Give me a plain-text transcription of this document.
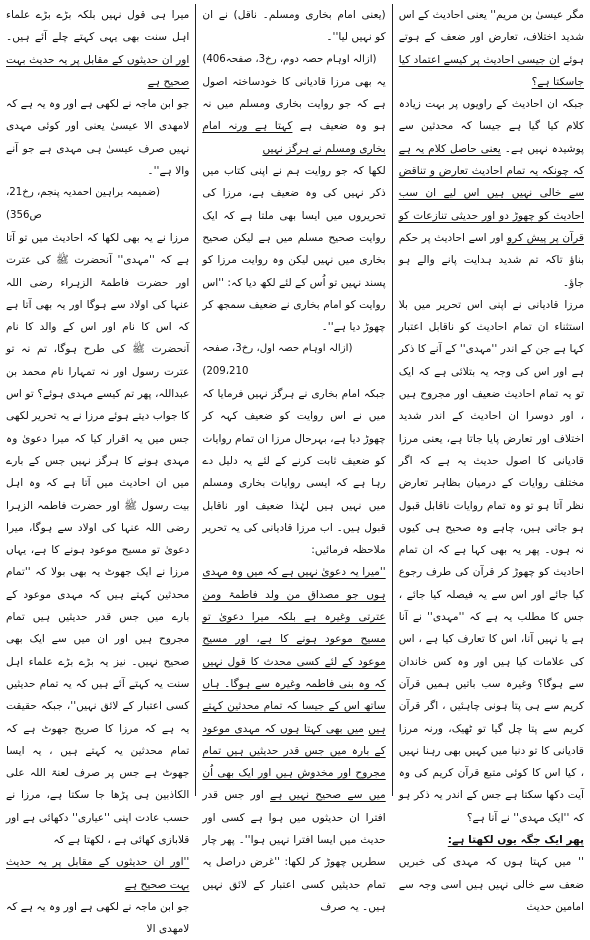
مگر عیسیٰ بن مریم'' یعنی احادیث کے اس شدید اختلاف، تعارض اور ضعف کے ہوتے ہوئے ان جیسی احادیث پر کیسے اعتماد کیا جاسکتا ہے؟
جبکہ ان احادیث کے راویوں پر بہت زیادہ کلام کیا گیا ہے جیسا کہ محدثین سے پوشیدہ نہیں ہے۔ یعنی حاصل کلام یہ ہے کہ چونکہ یہ تمام احادیث تعارض و تناقض سے خالی نہیں ہیں اس لیے ان سب احادیث کو چھوڑ دو اور حدیثی تنازعات کو قرآن پر پیش کرو اور اسے احادیث پر حکم بناؤ تاکہ تم شدید ہدایت پانے والے ہو جاؤ۔
مرزا قادیانی نے اپنی اس تحریر میں بلا استثناء ان تمام احادیث کو ناقابل اعتبار کہا ہے جن کے اندر ''مہدی'' کے آنے کا ذکر ہے اور اس کی وجہ یہ بتلائی ہے کہ ایک تو یہ تمام احادیث ضعیف اور مجروح ہیں ، اور دوسرا ان احادیث کے اندر شدید اختلاف اور تعارض پایا جاتا ہے، یعنی مرزا قادیانی کا اصول حدیث یہ ہے کہ اگر مختلف روایات کے درمیان بظاہر تعارض نظر آتا ہو تو وہ تمام روایات ناقابل قبول ہو جاتی ہیں، چاہے وہ صحیح ہی کیوں نہ ہوں۔ پھر یہ بھی کہا ہے کہ ان تمام احادیث کو چھوڑ کر قرآن کی طرف رجوع کیا جائے اور اس سے یہ فیصلہ کیا جائے ، جس کا مطلب یہ ہے کہ ''مہدی'' نے آنا ہے یا نہیں آنا، اس کا تعارف کیا ہے ، اس کی علامات کیا ہیں اور وہ کس خاندان سے ہوگا؟ وغیرہ سب باتیں ہمیں قرآن کریم سے ہی پتا ہونی چاہئیں ، اگر قرآن کریم سے پتا چل گیا تو ٹھیک، ورنہ مرزا قادیانی کا تو دنیا میں کہیں بھی رہنا نہیں ، کیا اس کا کوئی متبع قرآن کریم کی وہ آیت دکھا سکتا ہے جس کے اندر یہ ذکر ہو کہ ''ایک مہدی'' نے آنا ہے؟
پھر ایک جگہ یوں لکھتا ہے:
'' میں کہتا ہوں کہ مہدی کی خبریں ضعف سے خالی نہیں ہیں اسی وجہ سے امامین حدیث
(یعنی امام بخاری ومسلم۔ ناقل) نے ان کو نہیں لیا''۔
(ازالہ اوہام حصہ دوم، رخ3، صفحہ406)
یہ بھی مرزا قادیانی کا خودساختہ اصول ہے کہ جو روایت بخاری ومسلم میں نہ ہو وہ ضعیف ہے کہتا ہے ورنہ امام بخاری ومسلم نے ہرگز نہیں
لکھا کہ جو روایت ہم نے اپنی کتاب میں ذکر نہیں کی وہ ضعیف ہے، مرزا کی تحریروں میں ایسا بھی ملتا ہے کہ ایک روایت صحیح مسلم میں ہے لیکن صحیح بخاری میں نہیں لیکن وہ روایت مرزا کو پسند نہیں تو اُس کے لئے لکھ دیا کہ: ''اس روایت کو امام بخاری نے ضعیف سمجھ کر چھوڑ دیا ہے''۔
(ازالہ اوہام حصہ اول، رخ3، صفحہ 209،210)
جبکہ امام بخاری نے ہرگز نہیں فرمایا کہ میں نے اس روایت کو ضعیف کہہ کر چھوڑ دیا ہے، بہرحال مرزا ان تمام روایات کو ضعیف ثابت کرنے کے لئے یہ دلیل دے رہا ہے کہ ایسی روایات بخاری ومسلم میں نہیں ہیں لہٰذا ضعیف اور ناقابل قبول ہیں۔ اب مرزا قادیانی کی یہ تحریر ملاحظہ فرمائیں:
''میرا یہ دعویٰ نہیں ہے کہ میں وہ مہدی ہوں جو مصداق من ولد فاطمۃ ومن عترتی وغیرہ ہے بلکہ میرا دعویٰ تو مسیح موعود ہونے کا ہے، اور مسیح موعود کے لئے کسی محدث کا قول نہیں کہ وہ بنی فاطمہ وغیرہ سے ہوگا۔ ہاں ساتھ اس کے جیسا کہ تمام محدثین کہتے ہیں میں بھی کہتا ہوں کہ مہدی موعود کے بارہ میں جس قدر حدیثیں ہیں تمام مجروح اور مخدوش ہیں اور ایک بھی اُن میں سے صحیح نہیں ہے اور جس قدر افترا ان حدیثوں میں ہوا ہے کسی اور حدیث میں ایسا افترا نہیں ہوا''۔ پھر چار سطریں چھوڑ کر لکھا: ''غرض دراصل یہ تمام حدیثیں کسی اعتبار کے لائق نہیں ہیں۔ یہ صرف
میرا ہی قول نہیں بلکہ بڑے بڑے علماء اہل سنت بھی یہی کہتے چلے آئے ہیں۔ اور ان حدیثوں کے مقابل پر یہ حدیث بہت صحیح ہے
جو ابن ماجہ نے لکھی ہے اور وہ یہ ہے کہ لامھدی الا عیسیٰ یعنی اور کوئی مہدی نہیں صرف عیسیٰ ہی مہدی ہے جو آنے والا ہے''۔
(ضمیمہ براہین احمدیہ پنجم، رخ21، ص356)
مرزا نے یہ بھی لکھا کہ احادیث میں تو آتا ہے کہ ''مہدی'' آنحضرت ﷺ کی عترت اور حضرت فاطمۃ الزہراء رضی اللہ عنہا کی اولاد سے ہوگا اور یہ بھی آتا ہے کہ اس کا نام اور اس کے والد کا نام آنحضرت ﷺ کی طرح ہوگا، تم نہ تو عترت رسول اور نہ تمہارا نام محمد بن عبداللہ، پھر تم کیسے مہدی ہوئے؟ تو اس کا جواب دیتے ہوئے مرزا نے یہ تحریر لکھی جس میں یہ اقرار کیا کہ میرا دعویٰ وہ مہدی ہونے کا ہرگز نہیں جس کے بارے میں ان احادیث میں آتا ہے کہ وہ اہل بیت رسول ﷺ اور حضرت فاطمہ الزہرا رضی اللہ عنہا کی اولاد سے ہوگا، میرا دعویٰ تو مسیح موعود ہونے کا ہے، یہاں مرزا نے ایک جھوٹ یہ بھی بولا کہ ''تمام محدثین کہتے ہیں کہ مہدی موعود کے بارے میں جس قدر حدیثیں ہیں تمام مجروح ہیں اور ان میں سے ایک بھی صحیح نہیں۔ نیز یہ بڑے بڑے علماء اہل سنت یہ کہتے آئے ہیں کہ یہ تمام حدیثیں کسی اعتبار کے لائق نہیں''، جبکہ حقیقت یہ ہے کہ مرزا کا صریح جھوٹ ہے کہ تمام محدثین یہ کہتے ہیں ، یہ ایسا جھوٹ ہے جس پر صرف لعنۃ اللہ علی الکاذبین ہی پڑھا جا سکتا ہے، مرزا نے حسب عادت اپنی ''عیاری'' دکھائی ہے اور قلابازی کھائی ہے ، لکھتا ہے کہ
''اور ان حدیثوں کے مقابل پر یہ حدیث بہت صحیح ہے
جو ابن ماجہ نے لکھی ہے اور وہ یہ ہے کہ لامھدی الا
